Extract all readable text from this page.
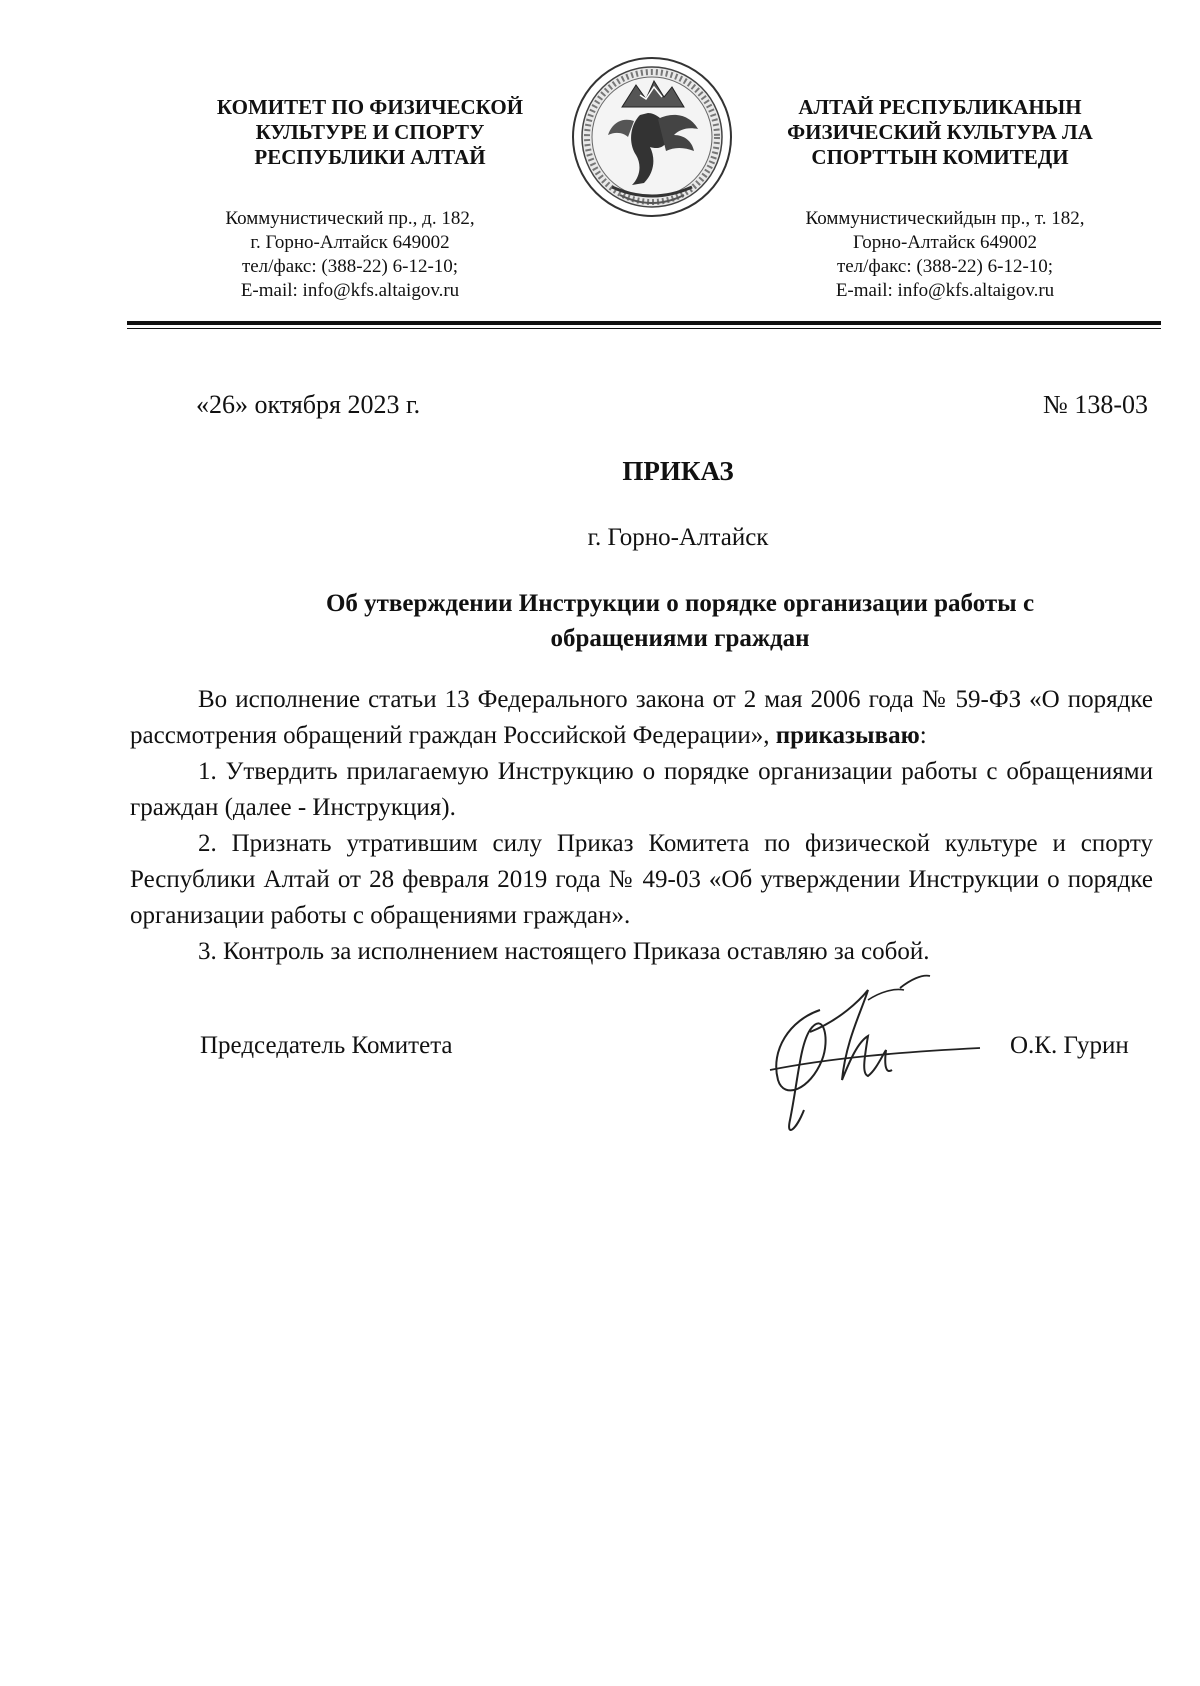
КОМИТЕТ ПО ФИЗИЧЕСКОЙ
КУЛЬТУРЕ И СПОРТУ
РЕСПУБЛИКИ АЛТАЙ
Коммунистический пр., д. 182,
г. Горно-Алтайск 649002
тел/факс: (388-22) 6-12-10;
E-mail: info@kfs.altaigov.ru
АЛТАЙ РЕСПУБЛИКАНЫН
ФИЗИЧЕСКИЙ КУЛЬТУРА ЛА
СПОРТТЫН КОМИТЕДИ
Коммунистическийдын пр., т. 182,
Горно-Алтайск 649002
тел/факс: (388-22) 6-12-10;
E-mail: info@kfs.altaigov.ru
«26» октября 2023 г.	№ 138-03
ПРИКАЗ
г. Горно-Алтайск
Об утверждении Инструкции о порядке организации работы с
обращениями граждан

Во исполнение статьи 13 Федерального закона от 2 мая 2006 года № 59-ФЗ «О порядке рассмотрения обращений граждан Российской Федерации», приказываю:

1. Утвердить прилагаемую Инструкцию о порядке организации работы с обращениями граждан (далее - Инструкция).

2. Признать утратившим силу Приказ Комитета по физической культуре и спорту Республики Алтай от 28 февраля 2019 года № 49-03 «Об утверждении Инструкции о порядке организации работы с обращениями граждан».

3. Контроль за исполнением настоящего Приказа оставляю за собой.

Председатель Комитета	О.К. Гурин
